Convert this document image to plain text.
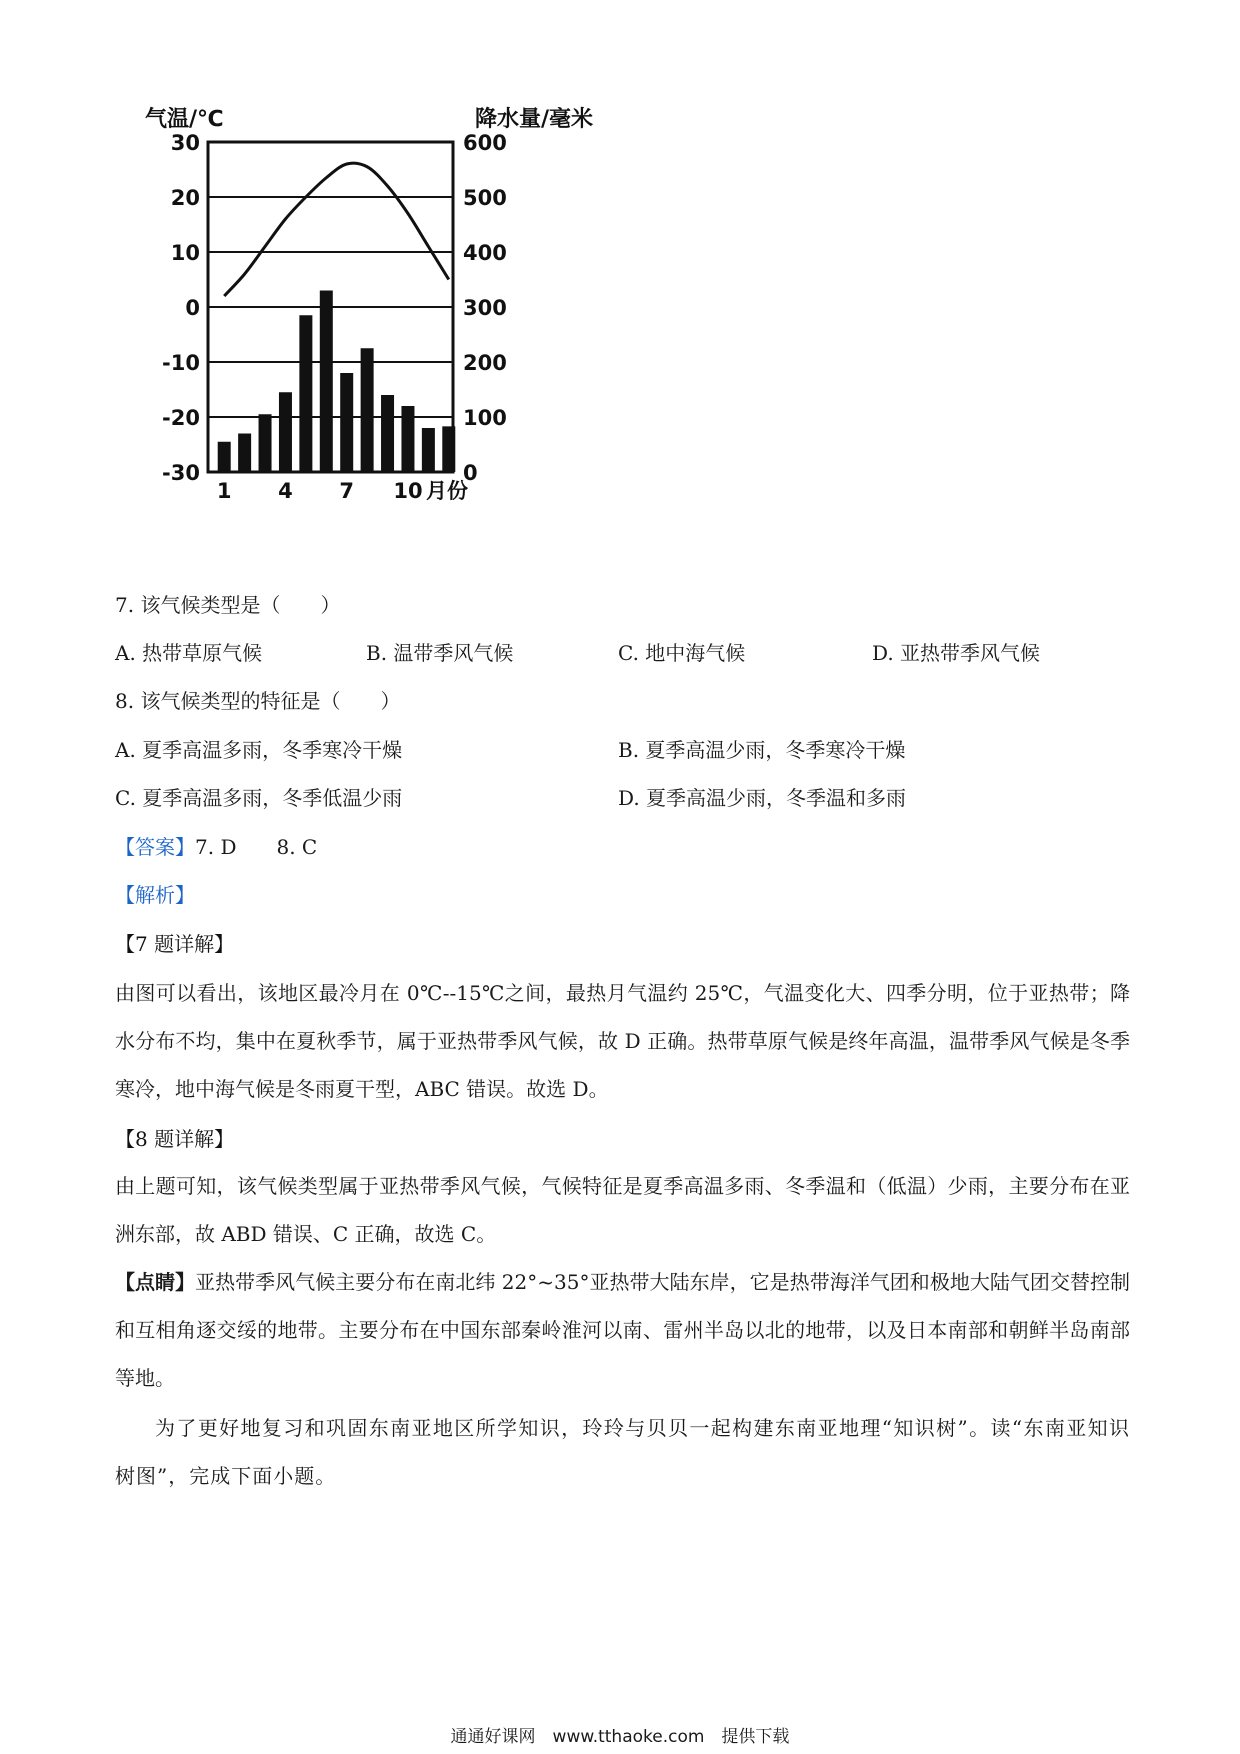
气温/℃	降水量/毫米
30
20
10
0
-10
-20
-30
600
500
400
300
200
100
0
1 4 7 10 月份
7. 该气候类型是（　　）
A. 热带草原气候	B. 温带季风气候	C. 地中海气候	D. 亚热带季风气候
8. 该气候类型的特征是（　　）
A. 夏季高温多雨，冬季寒冷干燥	B. 夏季高温少雨，冬季寒冷干燥
C. 夏季高温多雨，冬季低温少雨	D. 夏季高温少雨，冬季温和多雨
【答案】7. D　　8. C
【解析】
【7 题详解】
由图可以看出，该地区最冷月在 0℃--15℃之间，最热月气温约 25℃，气温变化大、四季分明，位于亚热带；降水分布不均，集中在夏秋季节，属于亚热带季风气候，故 D 正确。热带草原气候是终年高温，温带季风气候是冬季寒冷，地中海气候是冬雨夏干型，ABC 错误。故选 D。
【8 题详解】
由上题可知，该气候类型属于亚热带季风气候，气候特征是夏季高温多雨、冬季温和（低温）少雨，主要分布在亚洲东部，故 ABD 错误、C 正确，故选 C。
【点睛】亚热带季风气候主要分布在南北纬 22°~35°亚热带大陆东岸，它是热带海洋气团和极地大陆气团交替控制和互相角逐交绥的地带。主要分布在中国东部秦岭淮河以南、雷州半岛以北的地带，以及日本南部和朝鲜半岛南部等地。
为了更好地复习和巩固东南亚地区所学知识，玲玲与贝贝一起构建东南亚地理“知识树”。读“东南亚知识树图”，完成下面小题。
通通好课网　www.tthaoke.com　提供下载
